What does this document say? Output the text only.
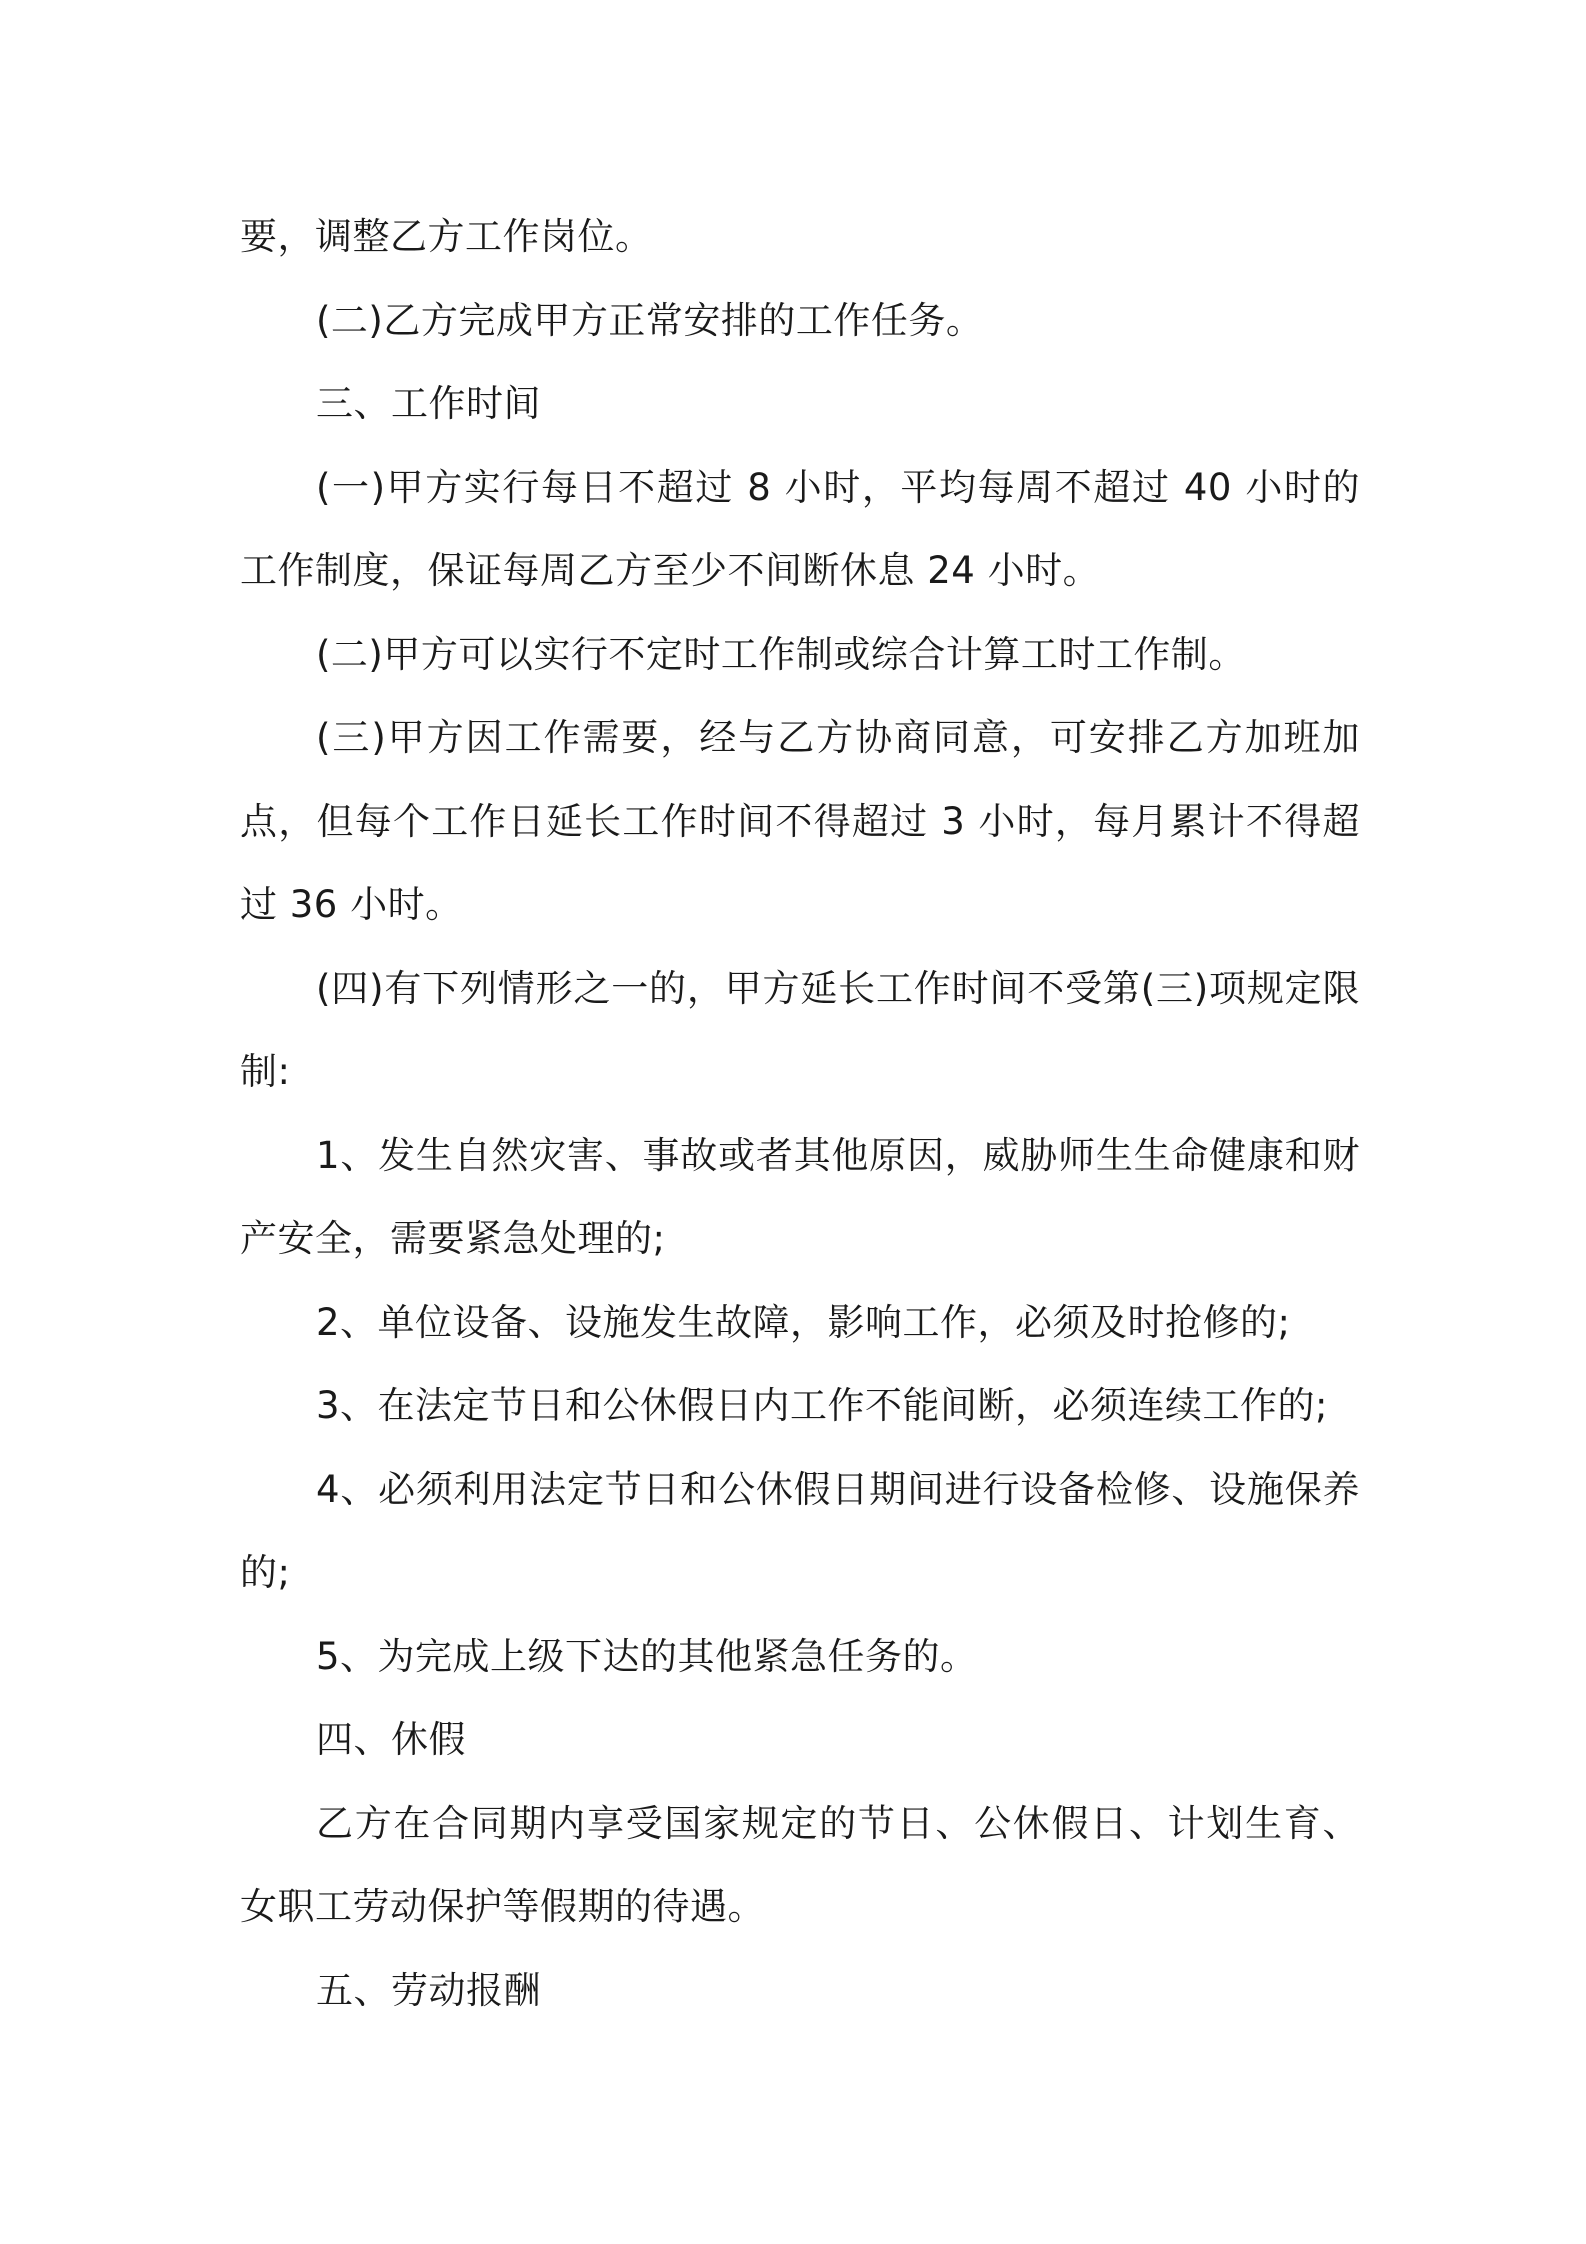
要，调整乙方工作岗位。

(二)乙方完成甲方正常安排的工作任务。

三、工作时间

(一)甲方实行每日不超过 8 小时，平均每周不超过 40 小时的工作制度，保证每周乙方至少不间断休息 24 小时。

(二)甲方可以实行不定时工作制或综合计算工时工作制。

(三)甲方因工作需要，经与乙方协商同意，可安排乙方加班加点，但每个工作日延长工作时间不得超过 3 小时，每月累计不得超过 36 小时。

(四)有下列情形之一的，甲方延长工作时间不受第(三)项规定限制:

1、发生自然灾害、事故或者其他原因，威胁师生生命健康和财产安全，需要紧急处理的;

2、单位设备、设施发生故障，影响工作，必须及时抢修的;

3、在法定节日和公休假日内工作不能间断，必须连续工作的;

4、必须利用法定节日和公休假日期间进行设备检修、设施保养的;

5、为完成上级下达的其他紧急任务的。

四、休假

乙方在合同期内享受国家规定的节日、公休假日、计划生育、女职工劳动保护等假期的待遇。

五、劳动报酬
